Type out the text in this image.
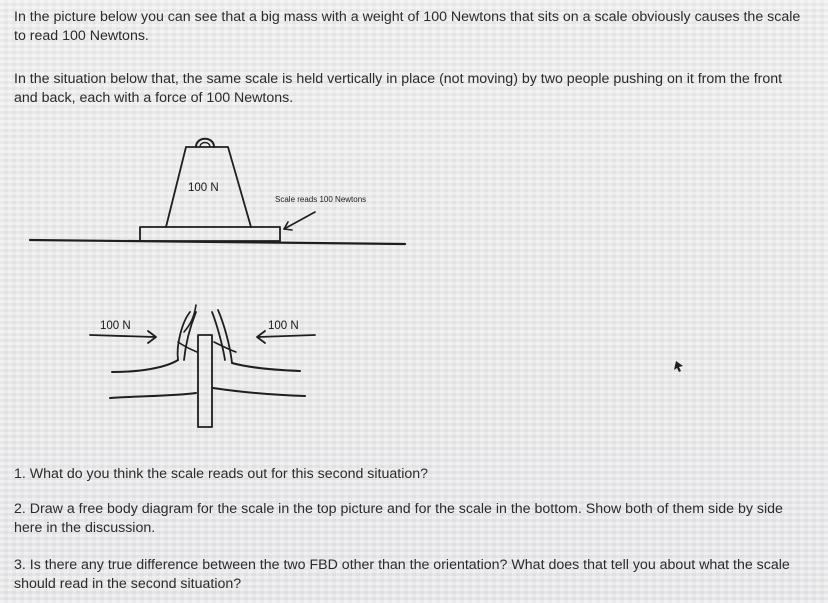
In the picture below you can see that a big mass with a weight of 100 Newtons that sits on a scale obviously causes the scale to read 100 Newtons.

In the situation below that, the same scale is held vertically in place (not moving) by two people pushing on it from the front and back, each with a force of 100 Newtons.

100 N
Scale reads 100 Newtons
100 N	100 N

1. What do you think the scale reads out for this second situation?

2. Draw a free body diagram for the scale in the top picture and for the scale in the bottom. Show both of them side by side here in the discussion.

3. Is there any true difference between the two FBD other than the orientation? What does that tell you about what the scale should read in the second situation?
